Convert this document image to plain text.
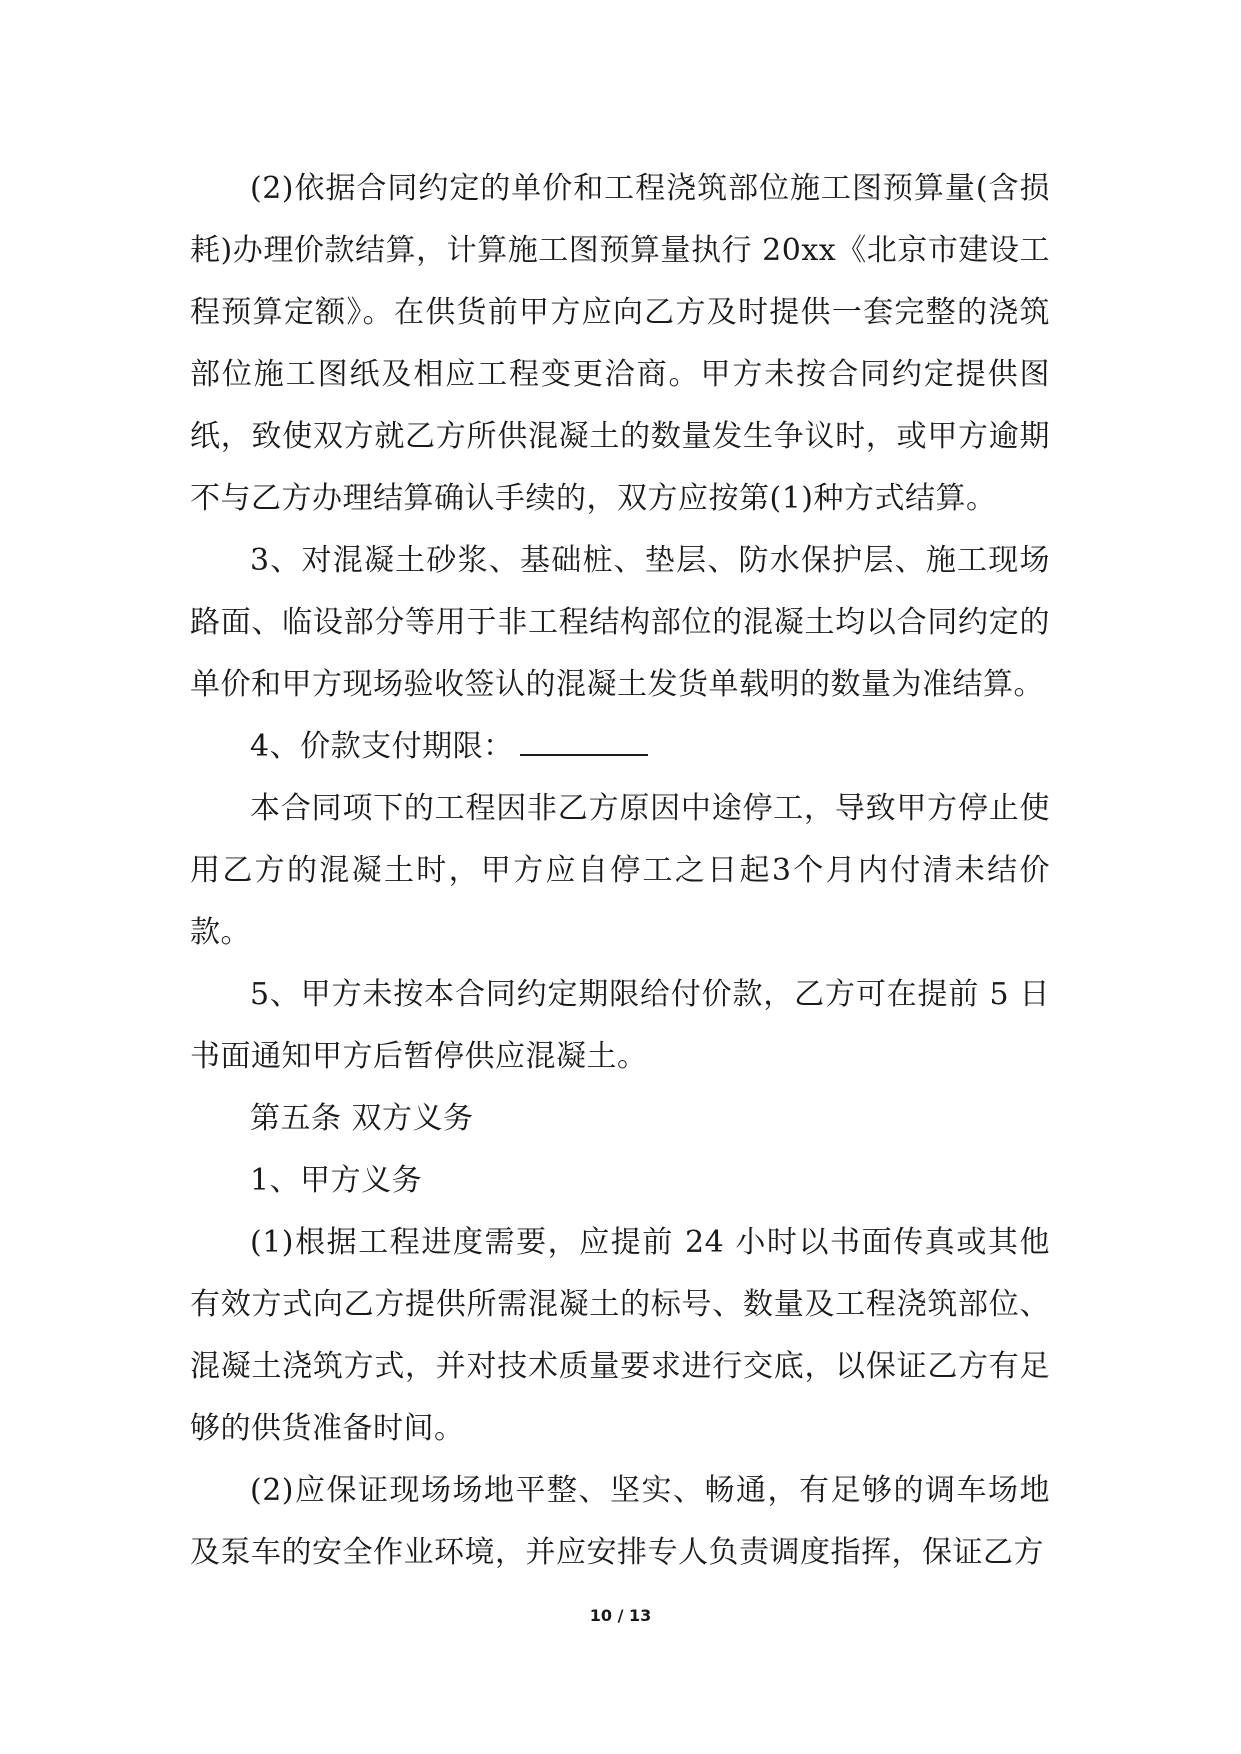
(2)依据合同约定的单价和工程浇筑部位施工图预算量(含损耗)办理价款结算，计算施工图预算量执行 20xx《北京市建设工程预算定额》。在供货前甲方应向乙方及时提供一套完整的浇筑部位施工图纸及相应工程变更洽商。甲方未按合同约定提供图纸，致使双方就乙方所供混凝土的数量发生争议时，或甲方逾期不与乙方办理结算确认手续的，双方应按第(1)种方式结算。

3、对混凝土砂浆、基础桩、垫层、防水保护层、施工现场路面、临设部分等用于非工程结构部位的混凝土均以合同约定的单价和甲方现场验收签认的混凝土发货单载明的数量为准结算。

4、价款支付期限：

本合同项下的工程因非乙方原因中途停工，导致甲方停止使用乙方的混凝土时，甲方应自停工之日起3个月内付清未结价款。

5、甲方未按本合同约定期限给付价款，乙方可在提前 5 日书面通知甲方后暂停供应混凝土。

第五条 双方义务

1、甲方义务

(1)根据工程进度需要，应提前 24 小时以书面传真或其他有效方式向乙方提供所需混凝土的标号、数量及工程浇筑部位、混凝土浇筑方式，并对技术质量要求进行交底，以保证乙方有足够的供货准备时间。

(2)应保证现场场地平整、坚实、畅通，有足够的调车场地及泵车的安全作业环境，并应安排专人负责调度指挥，保证乙方

10 / 13
